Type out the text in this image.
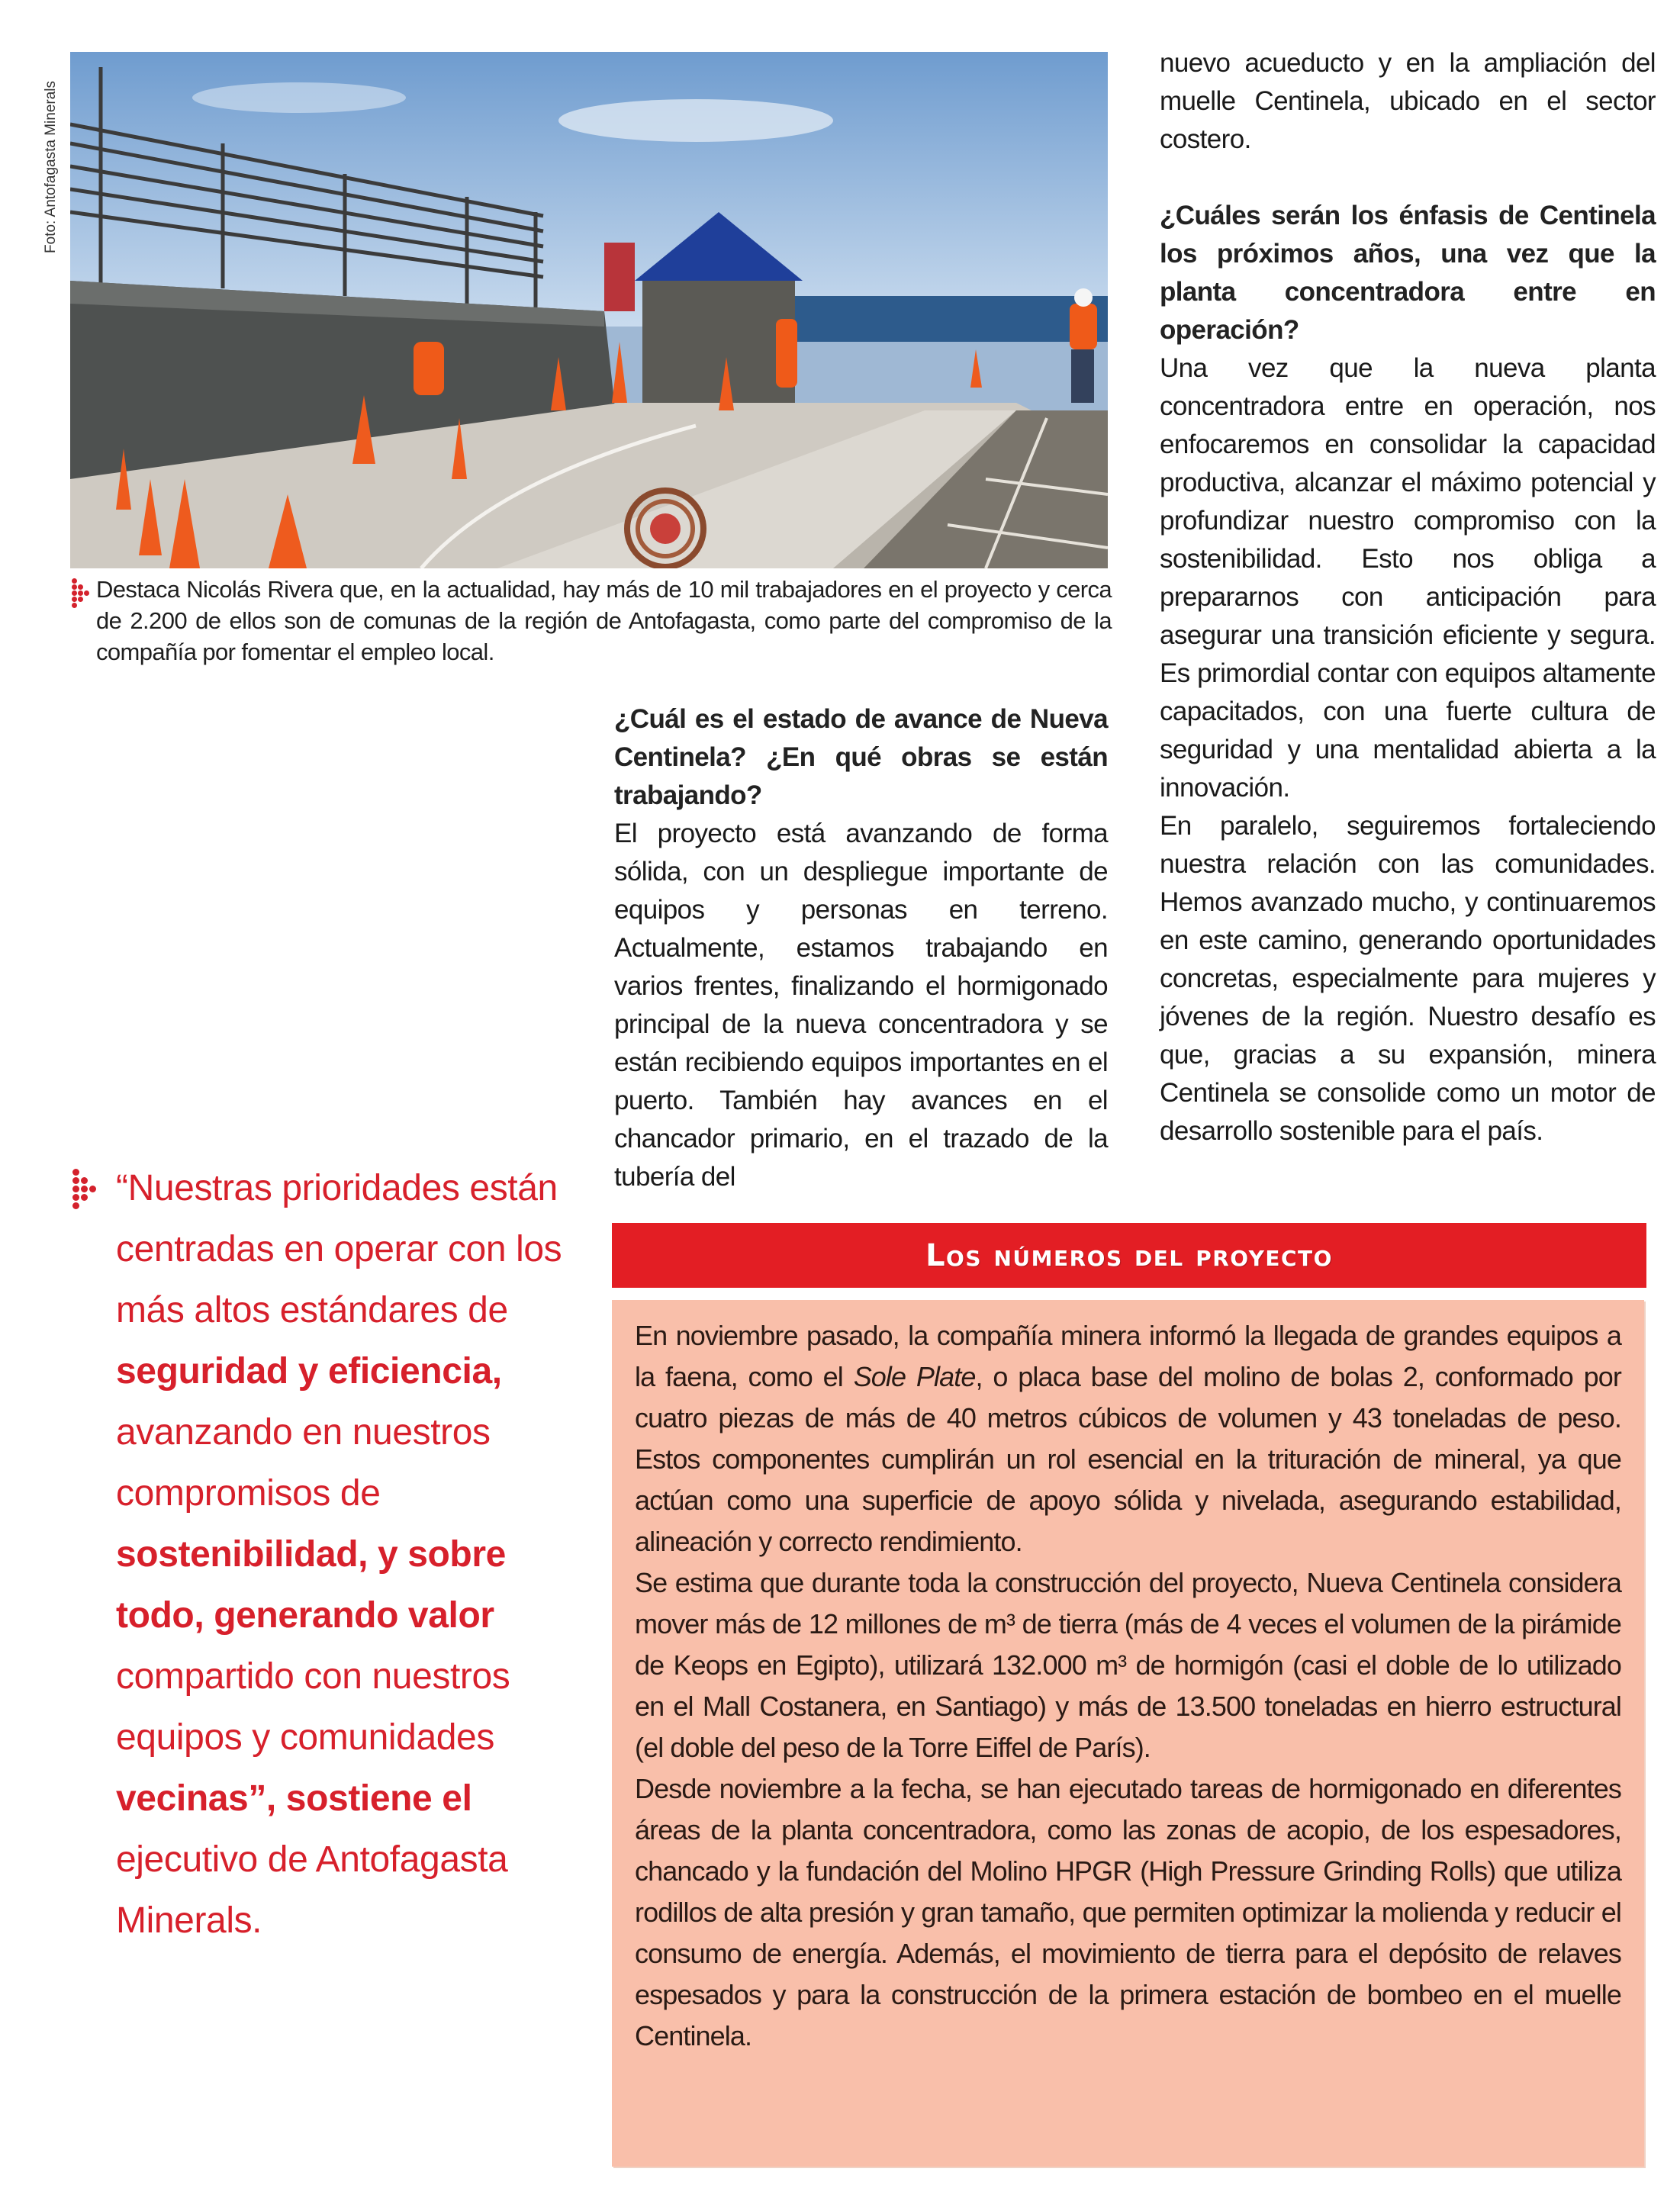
Foto: Antofagasta Minerals

Destaca Nicolás Rivera que, en la actualidad, hay más de 10 mil trabajadores en el proyecto y cerca de 2.200 de ellos son de comunas de la región de Antofagasta, como parte del compromiso de la compañía por fomentar el empleo local.

¿Cuál es el estado de avance de Nueva Centinela? ¿En qué obras se están trabajando?

El proyecto está avanzando de forma sólida, con un despliegue importante de equipos y personas en terreno. Actualmente, estamos trabajando en varios frentes, finalizando el hormigonado principal de la nueva concentradora y se están recibiendo equipos importantes en el puerto. También hay avances en el chancador primario, en el trazado de la tubería del

nuevo acueducto y en la ampliación del muelle Centinela, ubicado en el sector costero.

¿Cuáles serán los énfasis de Centinela los próximos años, una vez que la planta concentradora entre en operación?

Una vez que la nueva planta concentradora entre en operación, nos enfocaremos en consolidar la capacidad productiva, alcanzar el máximo potencial y profundizar nuestro compromiso con la sostenibilidad. Esto nos obliga a prepararnos con anticipación para asegurar una transición eficiente y segura. Es primordial contar con equipos altamente capacitados, con una fuerte cultura de seguridad y una mentalidad abierta a la innovación.

En paralelo, seguiremos fortaleciendo nuestra relación con las comunidades. Hemos avanzado mucho, y continuaremos en este camino, generando oportunidades concretas, especialmente para mujeres y jóvenes de la región. Nuestro desafío es que, gracias a su expansión, minera Centinela se consolide como un motor de desarrollo sostenible para el país.

“Nuestras prioridades están centradas en operar con los más altos estándares de seguridad y eficiencia, avanzando en nuestros compromisos de sostenibilidad, y sobre todo, generando valor compartido con nuestros equipos y comunidades vecinas”, sostiene el ejecutivo de Antofagasta Minerals.

Los números del proyecto

En noviembre pasado, la compañía minera informó la llegada de grandes equipos a la faena, como el Sole Plate, o placa base del molino de bolas 2, conformado por cuatro piezas de más de 40 metros cúbicos de volumen y 43 toneladas de peso. Estos componentes cumplirán un rol esencial en la trituración de mineral, ya que actúan como una superficie de apoyo sólida y nivelada, asegurando estabilidad, alineación y correcto rendimiento.

Se estima que durante toda la construcción del proyecto, Nueva Centinela considera mover más de 12 millones de m³ de tierra (más de 4 veces el volumen de la pirámide de Keops en Egipto), utilizará 132.000 m³ de hormigón (casi el doble de lo utilizado en el Mall Costanera, en Santiago) y más de 13.500 toneladas en hierro estructural (el doble del peso de la Torre Eiffel de París).

Desde noviembre a la fecha, se han ejecutado tareas de hormigonado en diferentes áreas de la planta concentradora, como las zonas de acopio, de los espesadores, chancado y la fundación del Molino HPGR (High Pressure Grinding Rolls) que utiliza rodillos de alta presión y gran tamaño, que permiten optimizar la molienda y reducir el consumo de energía. Además, el movimiento de tierra para el depósito de relaves espesados y para la construcción de la primera estación de bombeo en el muelle Centinela.
